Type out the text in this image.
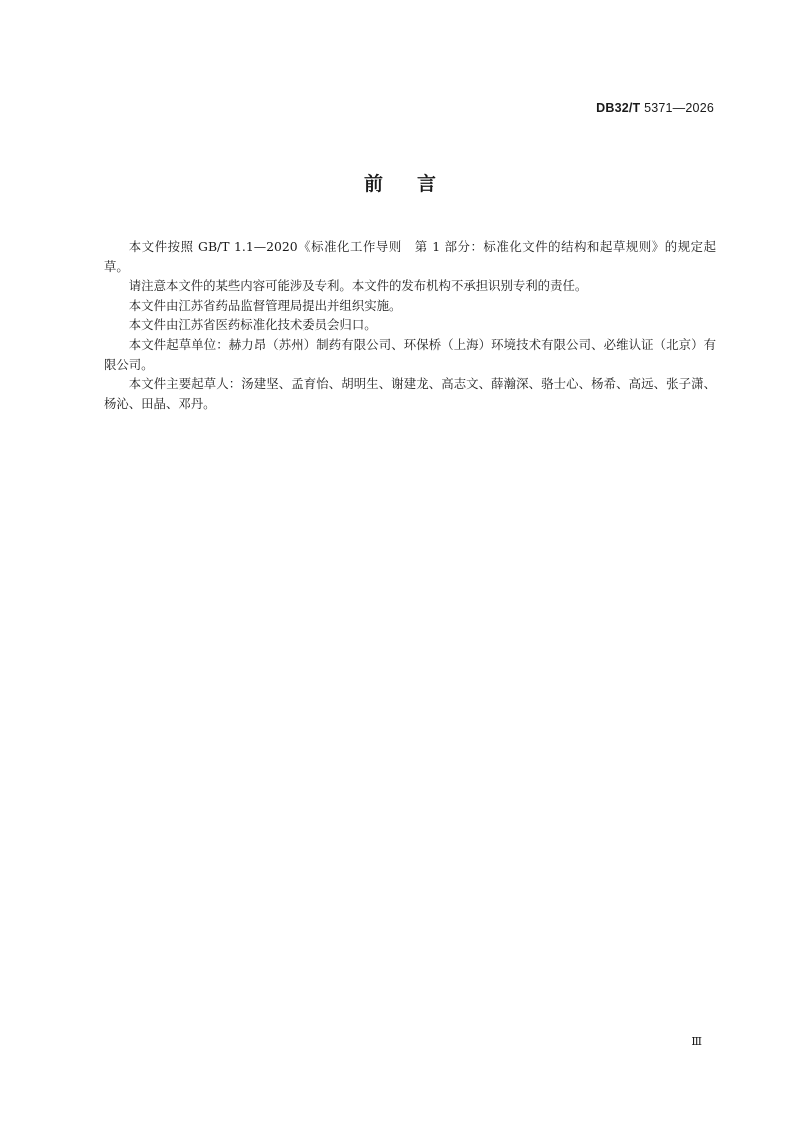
DB32/T 5371—2026
前言

本文件按照 GB/T 1.1—2020《标准化工作导则　第 1 部分：标准化文件的结构和起草规则》的规定起草。

请注意本文件的某些内容可能涉及专利。本文件的发布机构不承担识别专利的责任。

本文件由江苏省药品监督管理局提出并组织实施。

本文件由江苏省医药标准化技术委员会归口。

本文件起草单位：赫力昂（苏州）制药有限公司、环保桥（上海）环境技术有限公司、必维认证（北京）有限公司。

本文件主要起草人：汤建坚、孟育怡、胡明生、谢建龙、高志文、薛瀚深、骆士心、杨希、高远、张子潇、杨沁、田晶、邓丹。

Ⅲ
